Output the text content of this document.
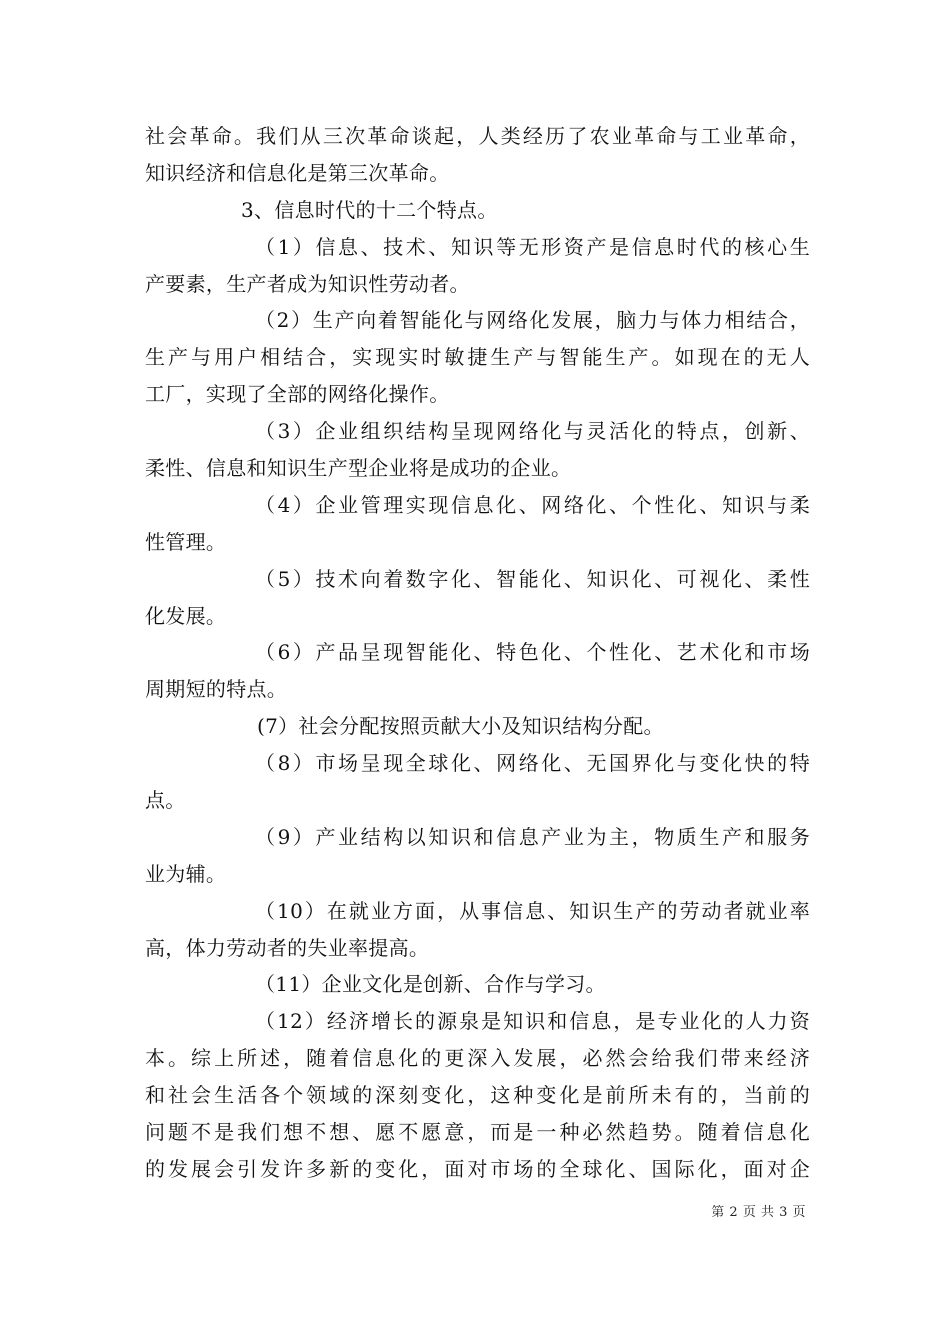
社会革命。我们从三次革命谈起，人类经历了农业革命与工业革命，
知识经济和信息化是第三次革命。
3、信息时代的十二个特点。
（1）信息、技术、知识等无形资产是信息时代的核心生
产要素，生产者成为知识性劳动者。
（2）生产向着智能化与网络化发展，脑力与体力相结合，
生产与用户相结合，实现实时敏捷生产与智能生产。如现在的无人
工厂，实现了全部的网络化操作。
（3）企业组织结构呈现网络化与灵活化的特点，创新、
柔性、信息和知识生产型企业将是成功的企业。
（4）企业管理实现信息化、网络化、个性化、知识与柔
性管理。
（5）技术向着数字化、智能化、知识化、可视化、柔性
化发展。
（6）产品呈现智能化、特色化、个性化、艺术化和市场
周期短的特点。
(7）社会分配按照贡献大小及知识结构分配。
（8）市场呈现全球化、网络化、无国界化与变化快的特
点。
（9）产业结构以知识和信息产业为主，物质生产和服务
业为辅。
（10）在就业方面，从事信息、知识生产的劳动者就业率
高，体力劳动者的失业率提高。
（11）企业文化是创新、合作与学习。
（12）经济增长的源泉是知识和信息，是专业化的人力资
本。综上所述，随着信息化的更深入发展，必然会给我们带来经济
和社会生活各个领域的深刻变化，这种变化是前所未有的，当前的
问题不是我们想不想、愿不愿意，而是一种必然趋势。随着信息化
的发展会引发许多新的变化，面对市场的全球化、国际化，面对企
第 2 页 共 3 页
